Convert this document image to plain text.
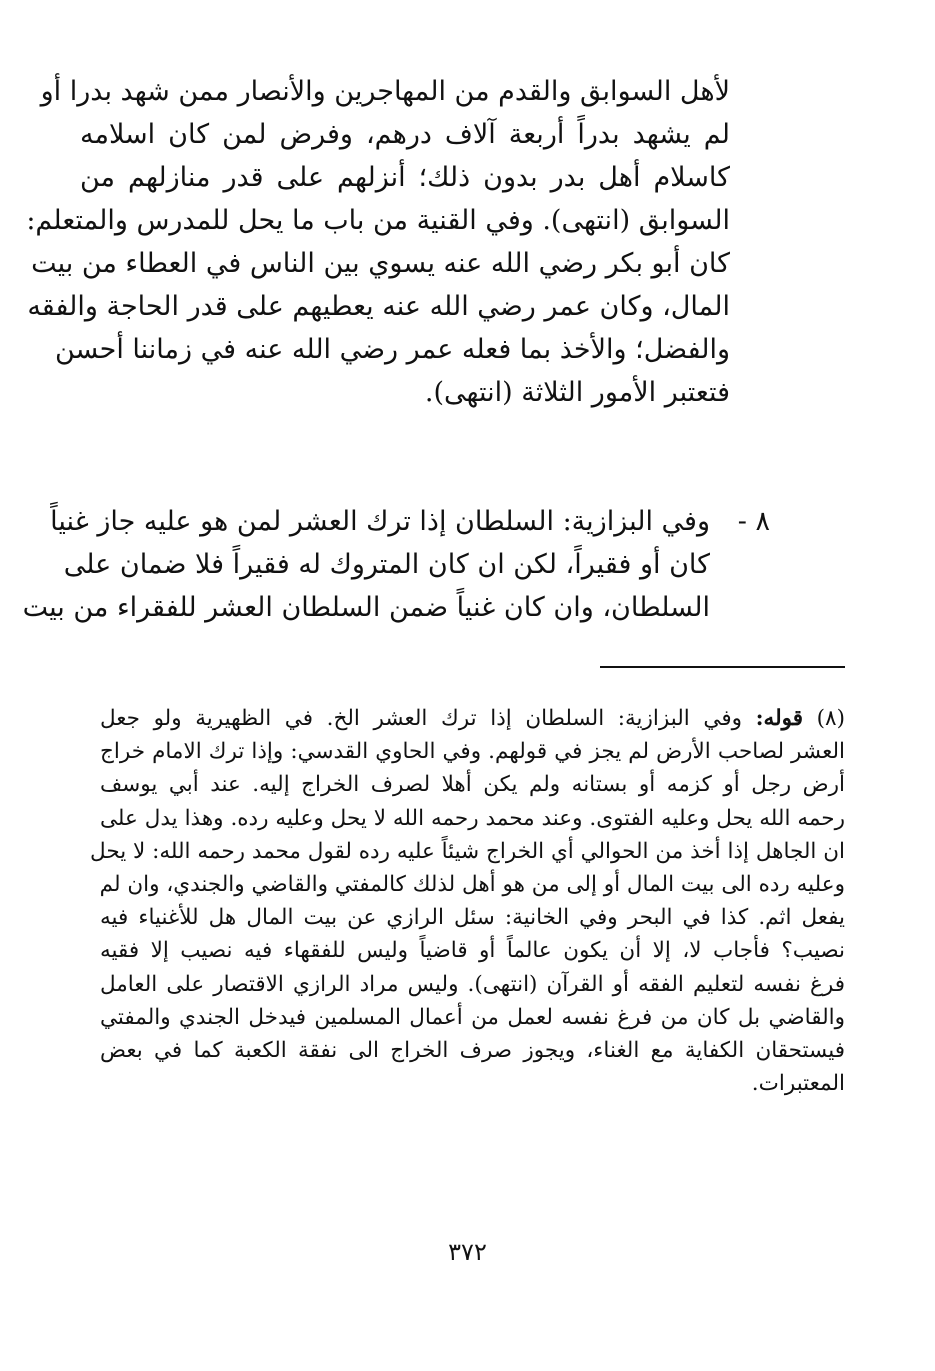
لأهل السوابق والقدم من المهاجرين والأنصار ممن شهد بدرا أو
لم يشهد بدراً أربعة آلاف درهم، وفرض لمن كان اسلامه
كاسلام أهل بدر بدون ذلك؛ أنزلهم على قدر منازلهم من
السوابق (انتهى). وفي القنية من باب ما يحل للمدرس والمتعلم:
كان أبو بكر رضي الله عنه يسوي بين الناس في العطاء من بيت
المال، وكان عمر رضي الله عنه يعطيهم على قدر الحاجة والفقه
والفضل؛ والأخذ بما فعله عمر رضي الله عنه في زماننا أحسن
فتعتبر الأمور الثلاثة (انتهى).
٨ -
وفي البزازية: السلطان إذا ترك العشر لمن هو عليه جاز غنياً
كان أو فقيراً، لكن ان كان المتروك له فقيراً فلا ضمان على
السلطان، وان كان غنياً ضمن السلطان العشر للفقراء من بيت
(٨) قوله: وفي البزازية: السلطان إذا ترك العشر الخ. في الظهيرية ولو جعل
العشر لصاحب الأرض لم يجز في قولهم. وفي الحاوي القدسي: وإذا ترك الامام خراج
أرض رجل أو كزمه أو بستانه ولم يكن أهلا لصرف الخراج إليه. عند أبي يوسف
رحمه الله يحل وعليه الفتوى. وعند محمد رحمه الله لا يحل وعليه رده. وهذا يدل على
ان الجاهل إذا أخذ من الحوالي أي الخراج شيئاً عليه رده لقول محمد رحمه الله: لا يحل
وعليه رده الى بيت المال أو إلى من هو أهل لذلك كالمفتي والقاضي والجندي، وان لم
يفعل اثم. كذا في البحر وفي الخانية: سئل الرازي عن بيت المال هل للأغنياء فيه
نصيب؟ فأجاب لا، إلا أن يكون عالماً أو قاضياً وليس للفقهاء فيه نصيب إلا فقيه
فرغ نفسه لتعليم الفقه أو القرآن (انتهى). وليس مراد الرازي الاقتصار على العامل
والقاضي بل كان من فرغ نفسه لعمل من أعمال المسلمين فيدخل الجندي والمفتي
فيستحقان الكفاية مع الغناء، ويجوز صرف الخراج الى نفقة الكعبة كما في بعض
المعتبرات.
٣٧٢
